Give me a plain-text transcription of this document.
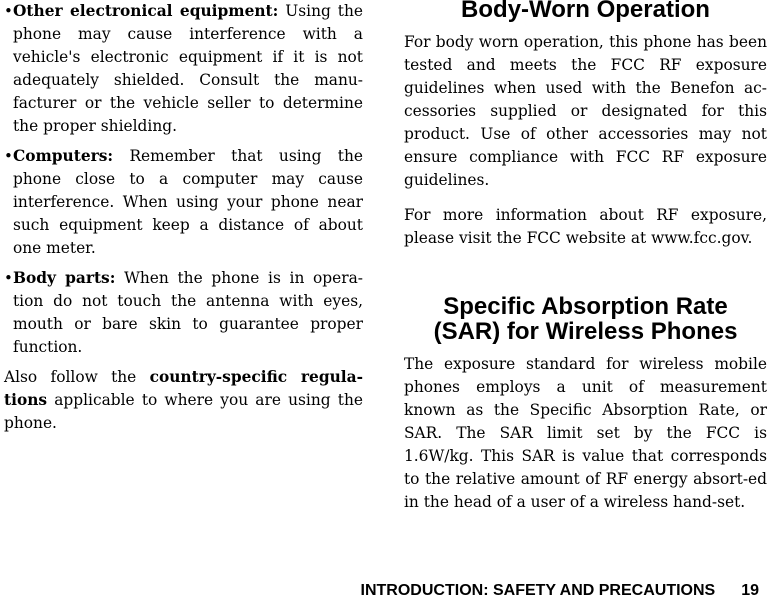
• Other electronical equipment: Using the phone may cause interference with a vehicle's electronic equipment if it is not adequately shielded. Consult the manu-facturer or the vehicle seller to determine the proper shielding.

• Computers: Remember that using the phone close to a computer may cause interference. When using your phone near such equipment keep a distance of about one meter.

• Body parts: When the phone is in opera-tion do not touch the antenna with eyes, mouth or bare skin to guarantee proper function.

Also follow the country-specific regula-tions applicable to where you are using the phone.

Body-Worn Operation

For body worn operation, this phone has been tested and meets the FCC RF exposure guidelines when used with the Benefon ac-cessories supplied or designated for this product. Use of other accessories may not ensure compliance with FCC RF exposure guidelines.

For more information about RF exposure, please visit the FCC website at www.fcc.gov.

Specific Absorption Rate
(SAR) for Wireless Phones

The exposure standard for wireless mobile phones employs a unit of measurement known as the Specific Absorption Rate, or SAR. The SAR limit set by the FCC is 1.6W/kg. This SAR is value that corresponds to the relative amount of RF energy absort-ed in the head of a user of a wireless hand-set.

INTRODUCTION: SAFETY AND PRECAUTIONS 19
